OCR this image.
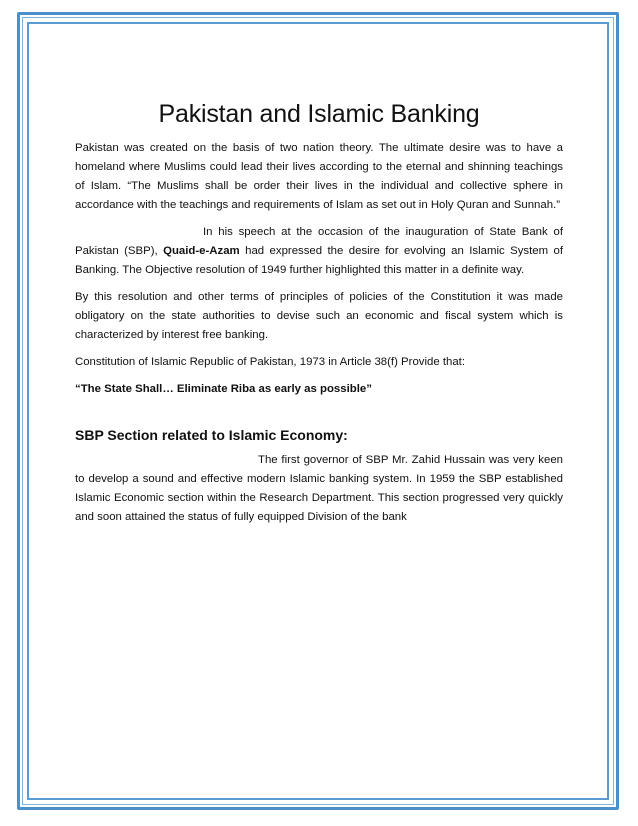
Pakistan and Islamic Banking

Pakistan was created on the basis of two nation theory. The ultimate desire was to have a homeland where Muslims could lead their lives according to the eternal and shinning teachings of Islam. “The Muslims shall be order their lives in the individual and collective sphere in accordance with the teachings and requirements of Islam as set out in Holy Quran and Sunnah.”

In his speech at the occasion of the inauguration of State Bank of Pakistan (SBP), Quaid-e-Azam had expressed the desire for evolving an Islamic System of Banking. The Objective resolution of 1949 further highlighted this matter in a definite way.

By this resolution and other terms of principles of policies of the Constitution it was made obligatory on the state authorities to devise such an economic and fiscal system which is characterized by interest free banking.

Constitution of Islamic Republic of Pakistan, 1973 in Article 38(f) Provide that:

“The State Shall… Eliminate Riba as early as possible”

SBP Section related to Islamic Economy:

The first governor of SBP Mr. Zahid Hussain was very keen to develop a sound and effective modern Islamic banking system. In 1959 the SBP established Islamic Economic section within the Research Department. This section progressed very quickly and soon attained the status of fully equipped Division of the bank
